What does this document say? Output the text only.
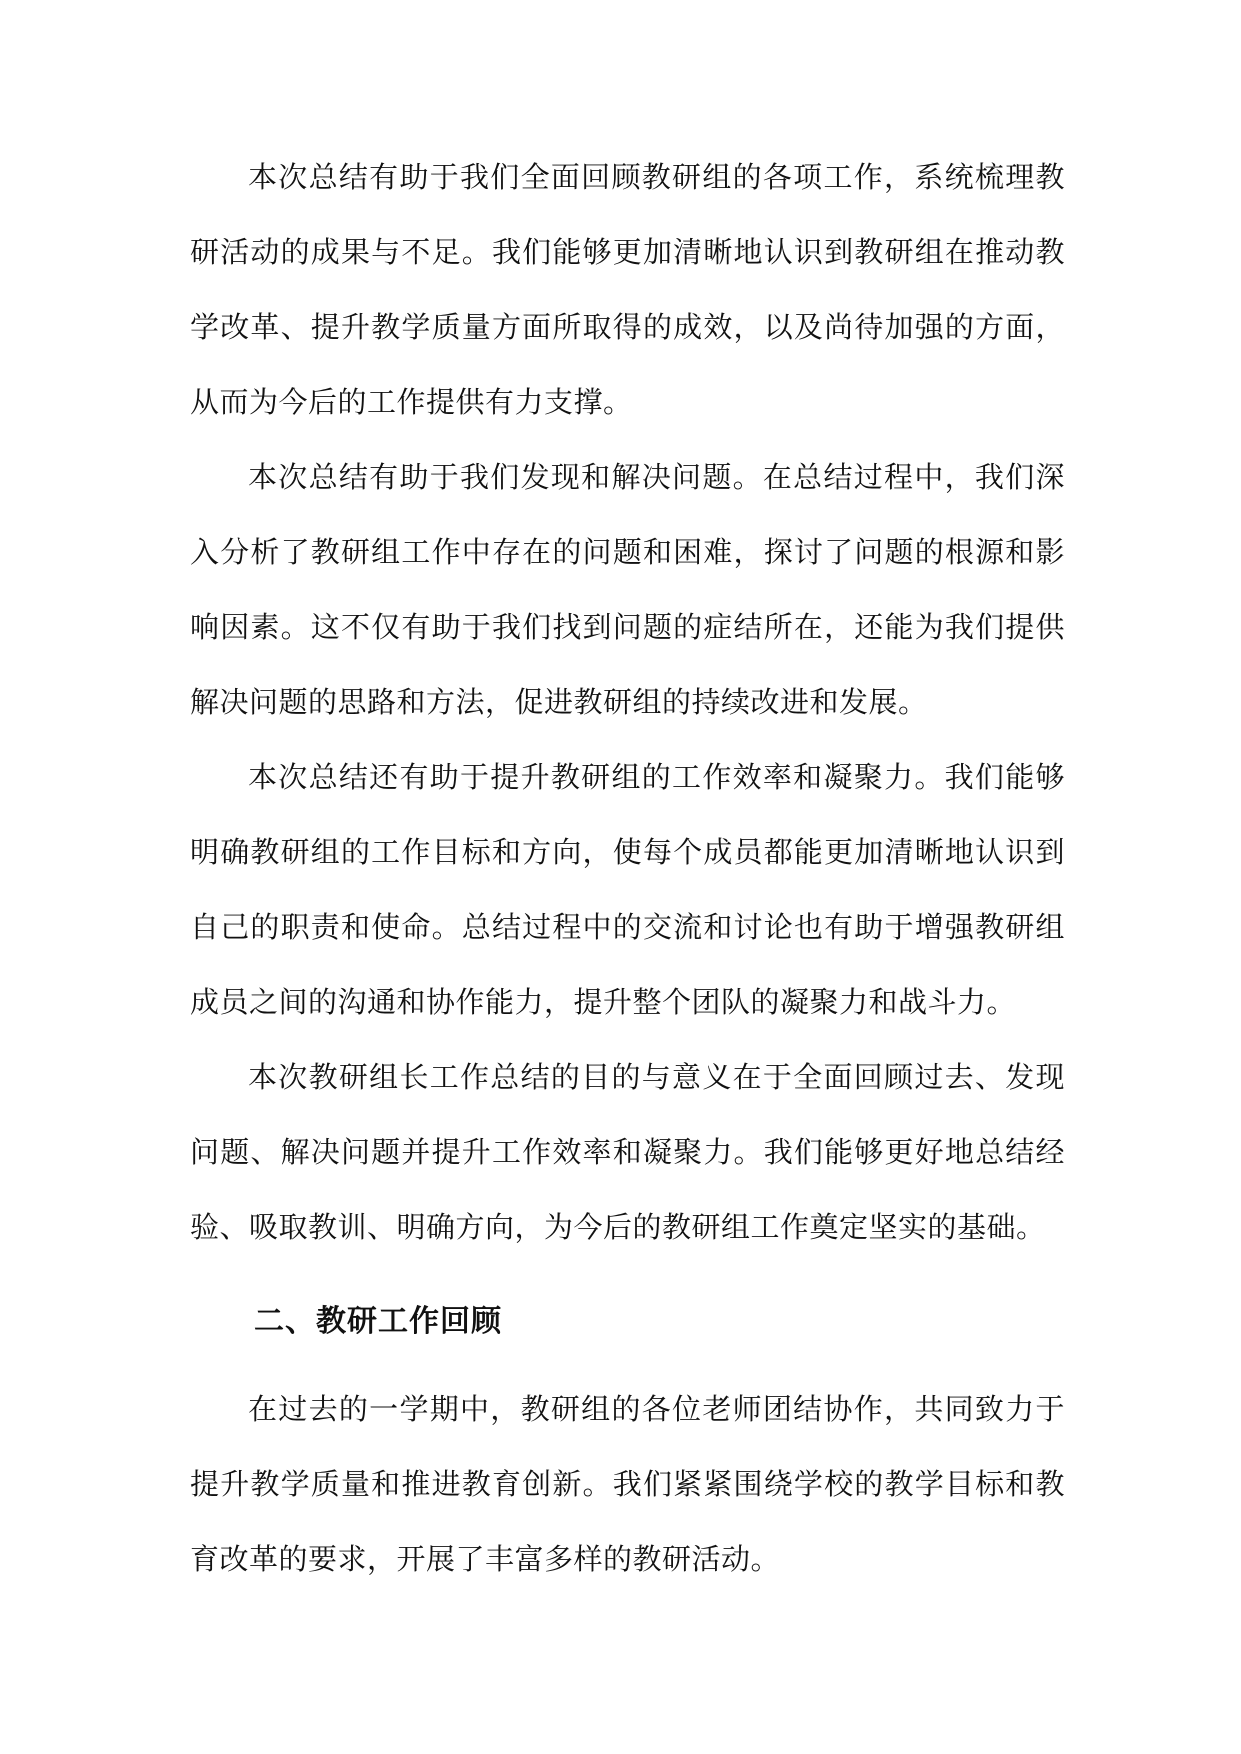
本次总结有助于我们全面回顾教研组的各项工作，系统梳理教研活动的成果与不足。我们能够更加清晰地认识到教研组在推动教学改革、提升教学质量方面所取得的成效，以及尚待加强的方面，从而为今后的工作提供有力支撑。

本次总结有助于我们发现和解决问题。在总结过程中，我们深入分析了教研组工作中存在的问题和困难，探讨了问题的根源和影响因素。这不仅有助于我们找到问题的症结所在，还能为我们提供解决问题的思路和方法，促进教研组的持续改进和发展。

本次总结还有助于提升教研组的工作效率和凝聚力。我们能够明确教研组的工作目标和方向，使每个成员都能更加清晰地认识到自己的职责和使命。总结过程中的交流和讨论也有助于增强教研组成员之间的沟通和协作能力，提升整个团队的凝聚力和战斗力。

本次教研组长工作总结的目的与意义在于全面回顾过去、发现问题、解决问题并提升工作效率和凝聚力。我们能够更好地总结经验、吸取教训、明确方向，为今后的教研组工作奠定坚实的基础。

二、教研工作回顾

在过去的一学期中，教研组的各位老师团结协作，共同致力于提升教学质量和推进教育创新。我们紧紧围绕学校的教学目标和教育改革的要求，开展了丰富多样的教研活动。
